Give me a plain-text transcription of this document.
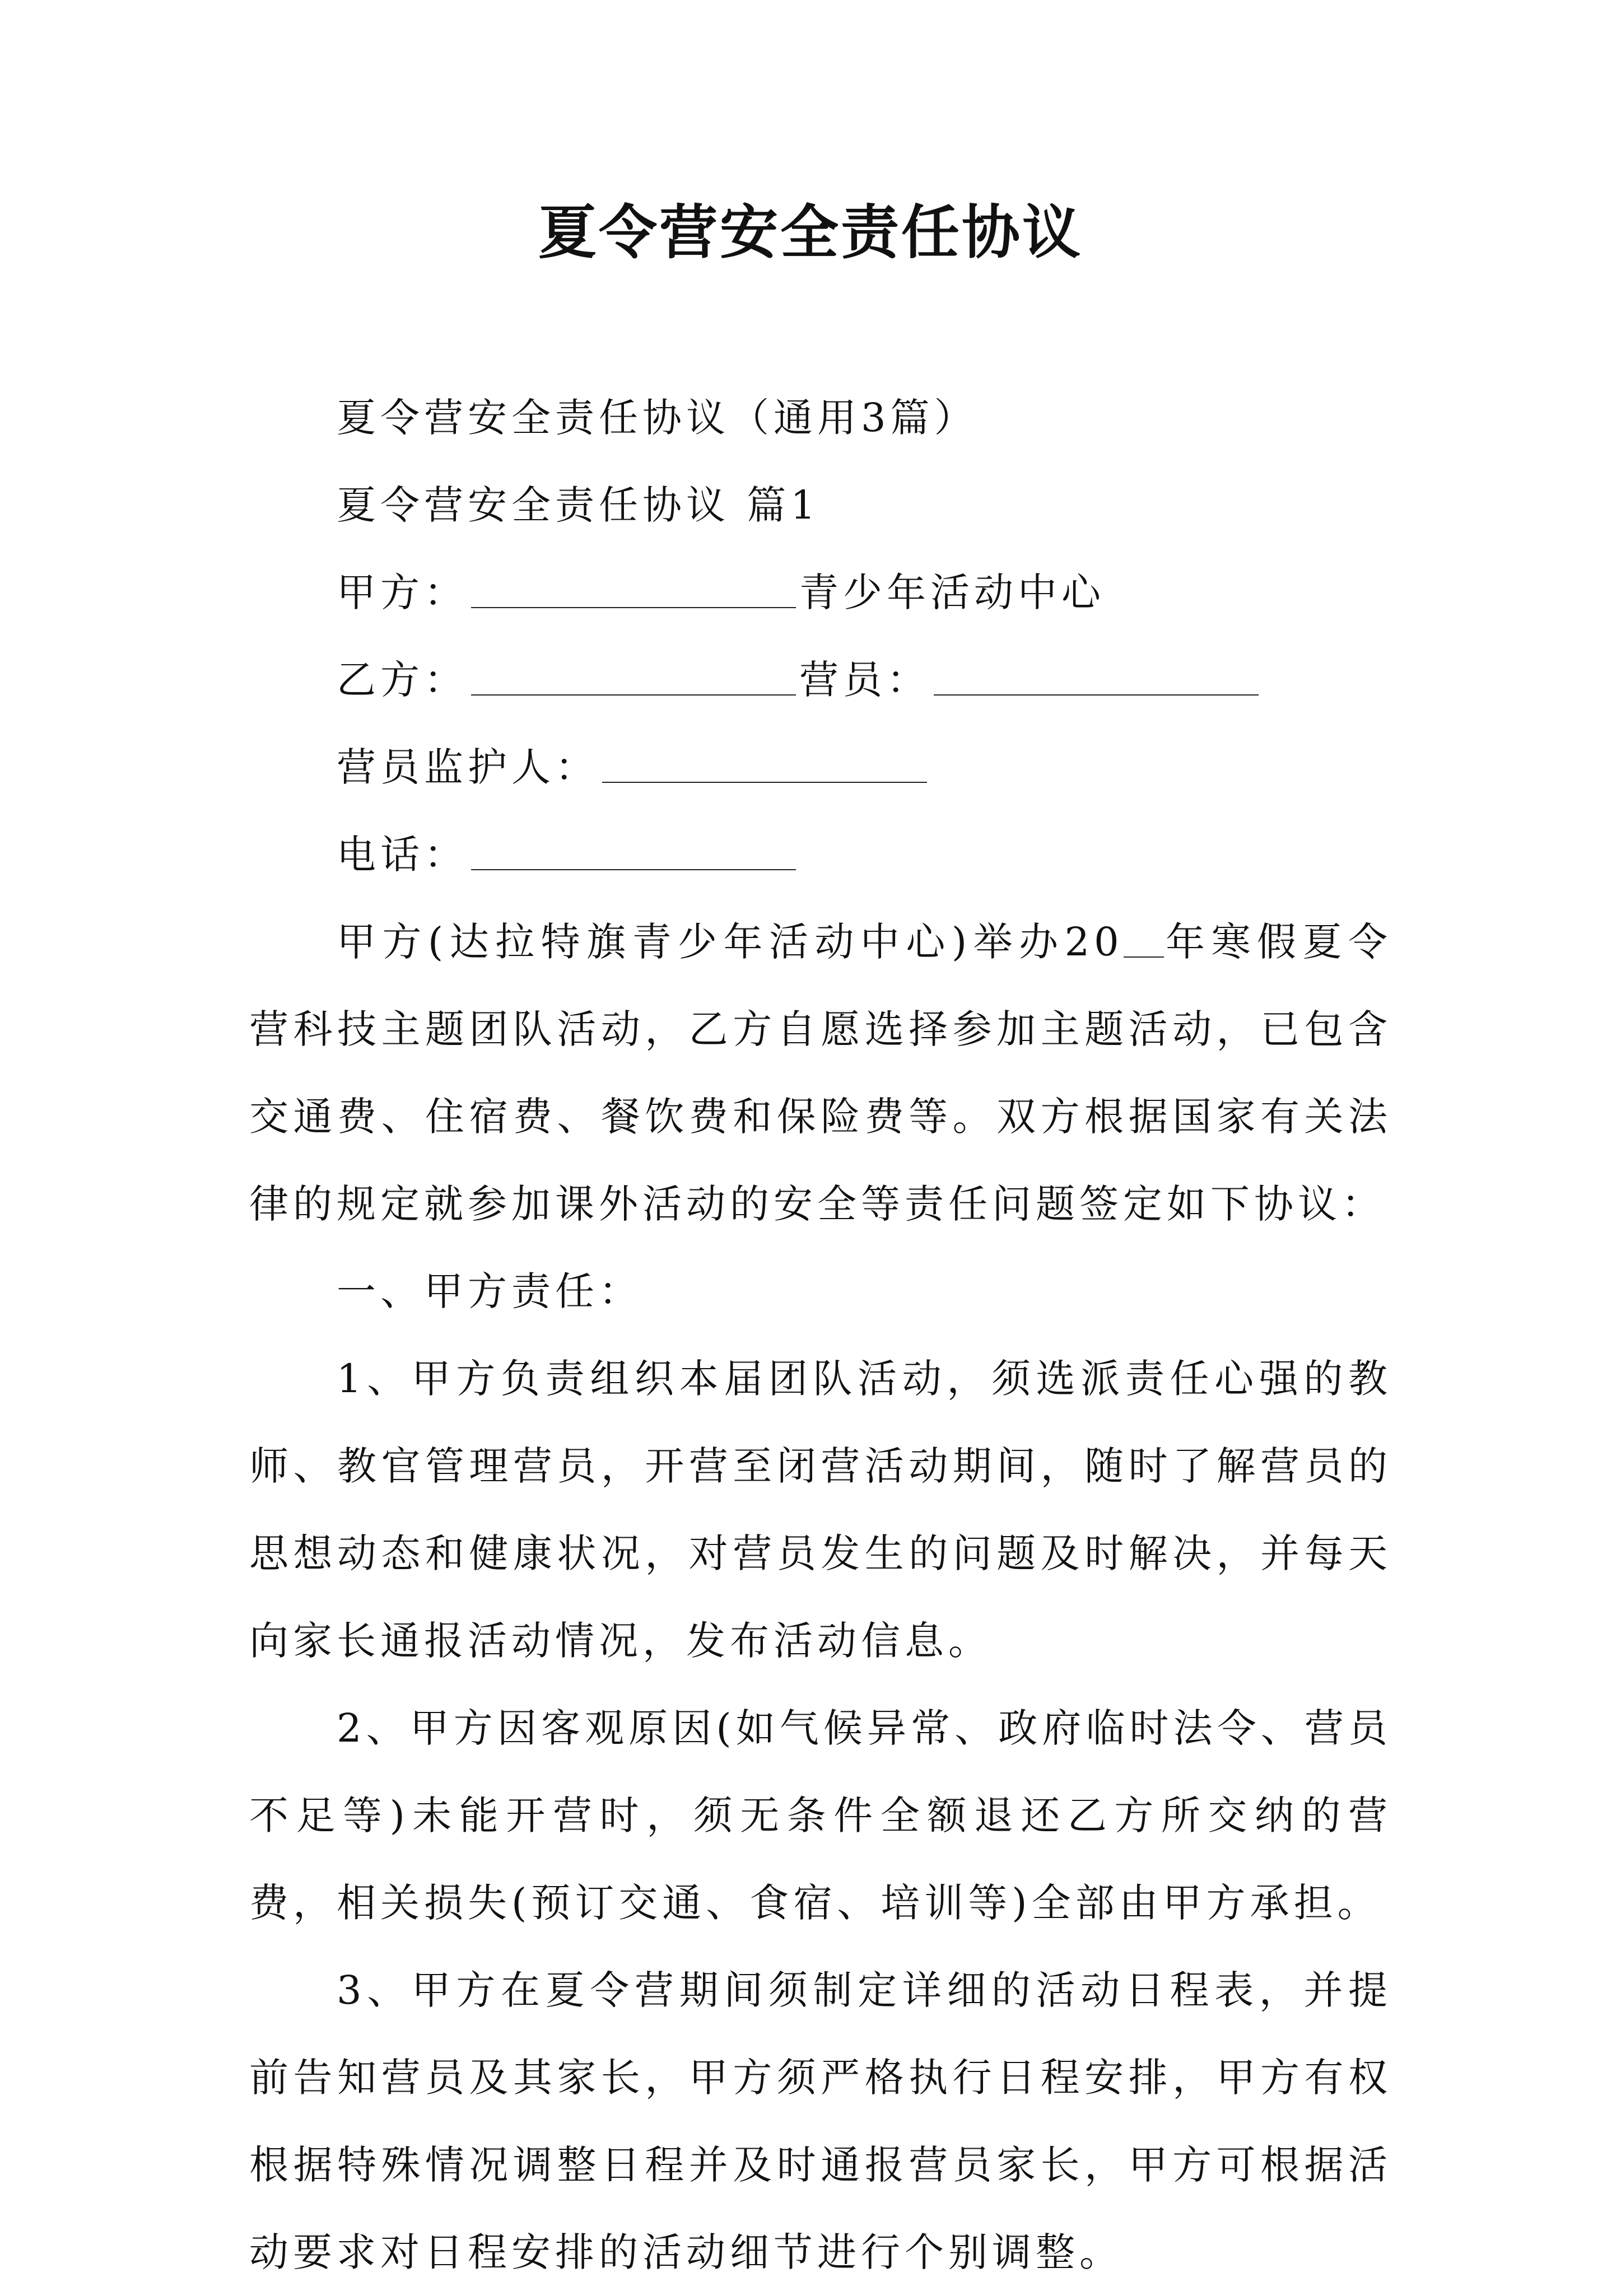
夏令营安全责任协议

夏令营安全责任协议（通用3篇）

夏令营安全责任协议 篇1

甲方：	青少年活动中心

乙方：	营员：

营员监护人：

电话：

甲方(达拉特旗青少年活动中心)举办20 年寒假夏令营科技主题团队活动，乙方自愿选择参加主题活动，已包含交通费、住宿费、餐饮费和保险费等。双方根据国家有关法律的规定就参加课外活动的安全等责任问题签定如下协议：

一、甲方责任：

1、甲方负责组织本届团队活动，须选派责任心强的教师、教官管理营员，开营至闭营活动期间，随时了解营员的思想动态和健康状况，对营员发生的问题及时解决，并每天向家长通报活动情况，发布活动信息。

2、甲方因客观原因(如气候异常、政府临时法令、营员不足等)未能开营时，须无条件全额退还乙方所交纳的营费，相关损失(预订交通、食宿、培训等)全部由甲方承担。

3、甲方在夏令营期间须制定详细的活动日程表，并提前告知营员及其家长，甲方须严格执行日程安排，甲方有权根据特殊情况调整日程并及时通报营员家长，甲方可根据活动要求对日程安排的活动细节进行个别调整。
